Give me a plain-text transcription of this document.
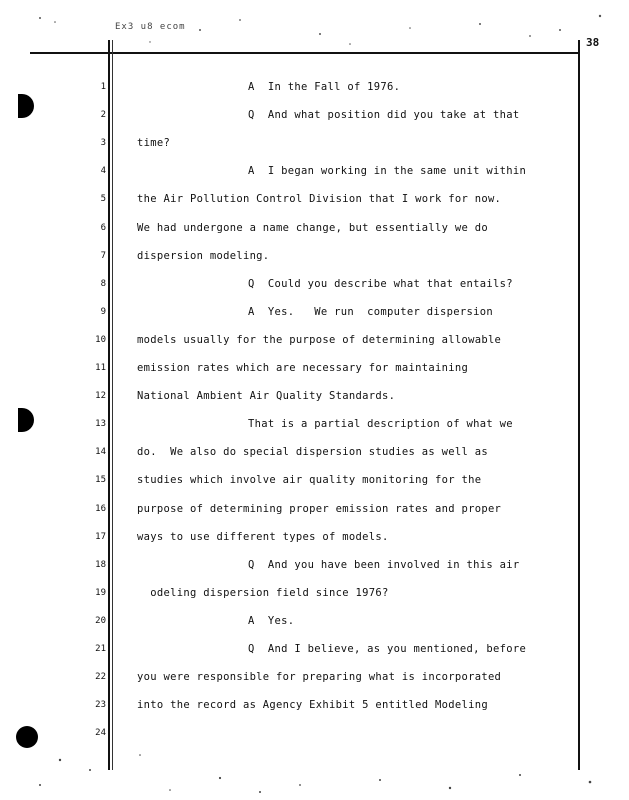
Ex3 u8 ecom
38
1	A  In the Fall of 1976.
2	Q  And what position did you take at that
3	time?
4	A  I began working in the same unit within
5	the Air Pollution Control Division that I work for now.
6	We had undergone a name change, but essentially we do
7	dispersion modeling.
8	Q  Could you describe what that entails?
9	A  Yes.   We run  computer dispersion
10	models usually for the purpose of determining allowable
11	emission rates which are necessary for maintaining
12	National Ambient Air Quality Standards.
13	That is a partial description of what we
14	do.  We also do special dispersion studies as well as
15	studies which involve air quality monitoring for the
16	purpose of determining proper emission rates and proper
17	ways to use different types of models.
18	Q  And you have been involved in this air
19	odeling dispersion field since 1976?
20	A  Yes.
21	Q  And I believe, as you mentioned, before
22	you were responsible for preparing what is incorporated
23	into the record as Agency Exhibit 5 entitled Modeling
24
